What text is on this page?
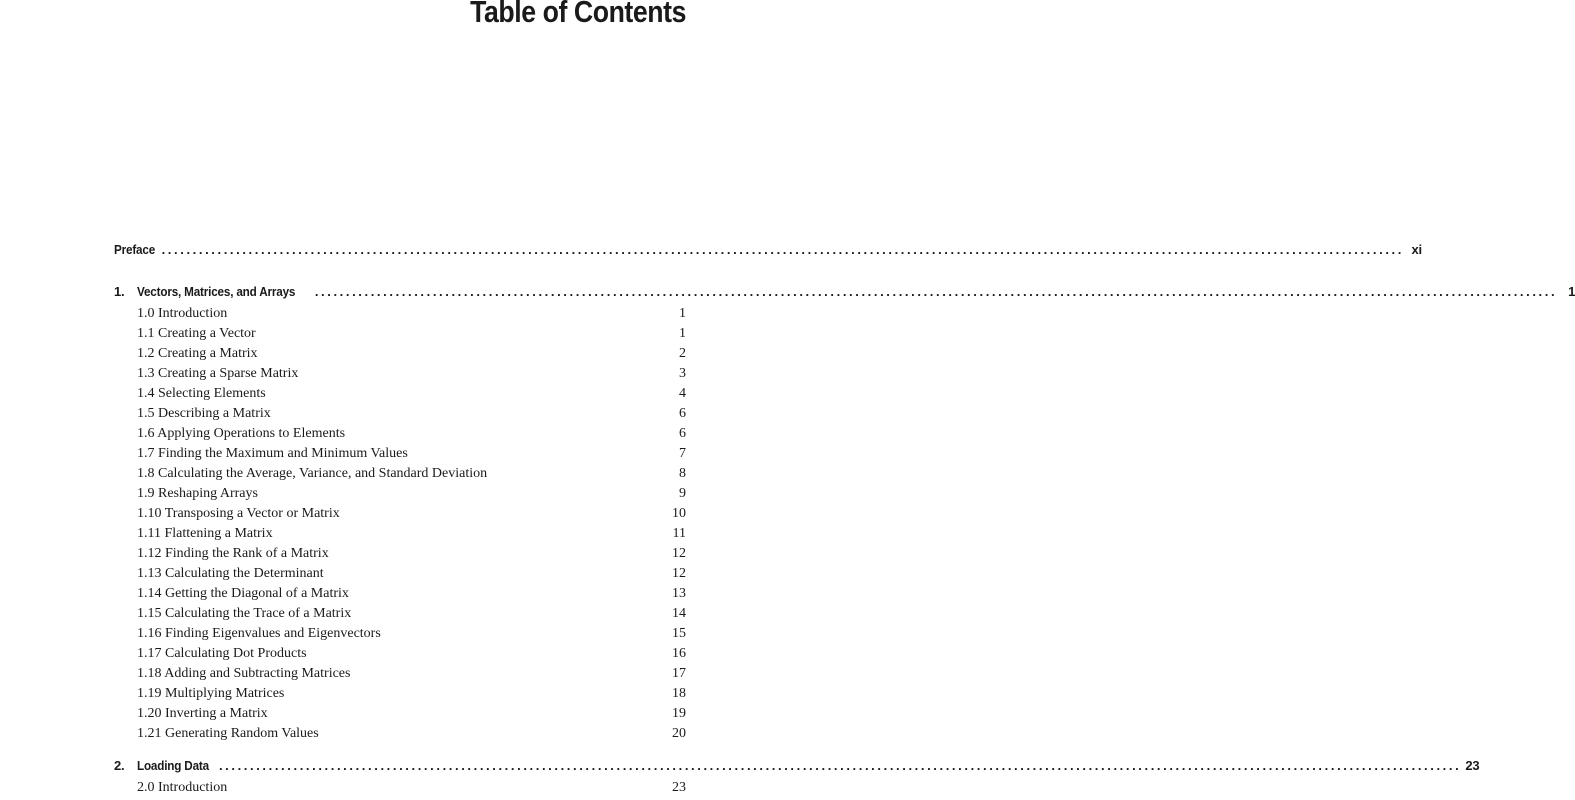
Table of Contents
Preface ........................................................................................................................................................................................................ xi
1. Vectors, Matrices, and Arrays ........................................................................................................................................................................................................ 1
1.0 Introduction	1
1.1 Creating a Vector	1
1.2 Creating a Matrix	2
1.3 Creating a Sparse Matrix	3
1.4 Selecting Elements	4
1.5 Describing a Matrix	6
1.6 Applying Operations to Elements	6
1.7 Finding the Maximum and Minimum Values	7
1.8 Calculating the Average, Variance, and Standard Deviation	8
1.9 Reshaping Arrays	9
1.10 Transposing a Vector or Matrix	10
1.11 Flattening a Matrix	11
1.12 Finding the Rank of a Matrix	12
1.13 Calculating the Determinant	12
1.14 Getting the Diagonal of a Matrix	13
1.15 Calculating the Trace of a Matrix	14
1.16 Finding Eigenvalues and Eigenvectors	15
1.17 Calculating Dot Products	16
1.18 Adding and Subtracting Matrices	17
1.19 Multiplying Matrices	18
1.20 Inverting a Matrix	19
1.21 Generating Random Values	20
2. Loading Data ........................................................................................................................................................................................................ 23
2.0 Introduction	23
